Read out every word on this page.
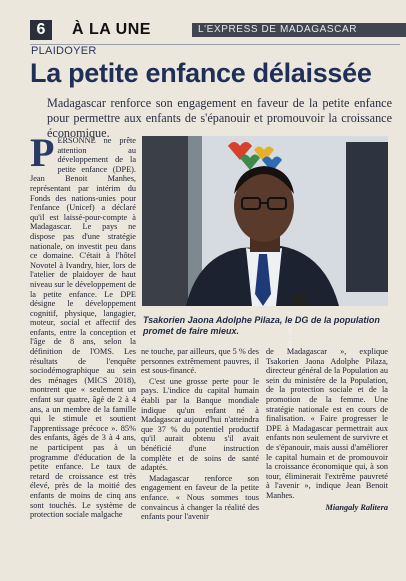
6	À LA UNE	L'EXPRESS DE MADAGASCAR
PLAIDOYER
La petite enfance délaissée
Madagascar renforce son engagement en faveur de la petite enfance pour permettre aux enfants de s'épanouir et promouvoir la croissance économique.

PERSONNE ne prête attention au développement de la petite enfance (DPE). Jean Benoit Manhes, représentant par intérim du Fonds des nations-unies pour l'enfance (Unicef) a déclaré qu'il est laissé-pour-compte à Madagascar. Le pays ne dispose pas d'une stratégie nationale, on investit peu dans ce domaine. C'était à l'hôtel Novotel à Ivandry, hier, lors de l'atelier de plaidoyer de haut niveau sur le développement de la petite enfance. Le DPE désigne le développement cognitif, physique, langagier, moteur, social et affectif des enfants, entre la conception et l'âge de 8 ans, selon la définition de l'OMS. Les résultats de l'enquête sociodémographique au sein des ménages (MICS 2018), montrent que « seulement un enfant sur quatre, âgé de 2 à 4 ans, a un membre de la famille qui le stimule et soutient l'apprentissage précoce ». 85% des enfants, âgés de 3 à 4 ans, ne participent pas à un programme d'éducation de la petite enfance. Le taux de retard de croissance est très élevé, près de la moitié des enfants de moins de cinq ans sont touchés. Le système de protection sociale malgache

PHOTO: MAMY MAEL
Tsakorien Jaona Adolphe Pilaza, le DG de la population promet de faire mieux.

ne touche, par ailleurs, que 5 % des personnes extrêmement pauvres, il est sous-financé.

C'est une grosse perte pour le pays. L'indice du capital humain établi par la Banque mondiale indique qu'un enfant né à Madagascar aujourd'hui n'atteindra que 37 % du potentiel productif qu'il aurait obtenu s'il avait bénéficié d'une instruction complète et de soins de santé adaptés.

Madagascar renforce son engagement en faveur de la petite enfance. « Nous sommes tous convaincus à changer la réalité des enfants pour l'avenir

de Madagascar », explique Tsakorien Jaona Adolphe Pilaza, directeur général de la Population au sein du ministère de la Population, de la protection sociale et de la promotion de la femme. Une stratégie nationale est en cours de finalisation. « Faire progresser le DPE à Madagascar permettrait aux enfants non seulement de survivre et de s'épanouir, mais aussi d'améliorer le capital humain et de promouvoir la croissance économique qui, à son tour, éliminerait l'extrême pauvreté à l'avenir », indique Jean Benoit Manhes.

Miangaly Ralitera
